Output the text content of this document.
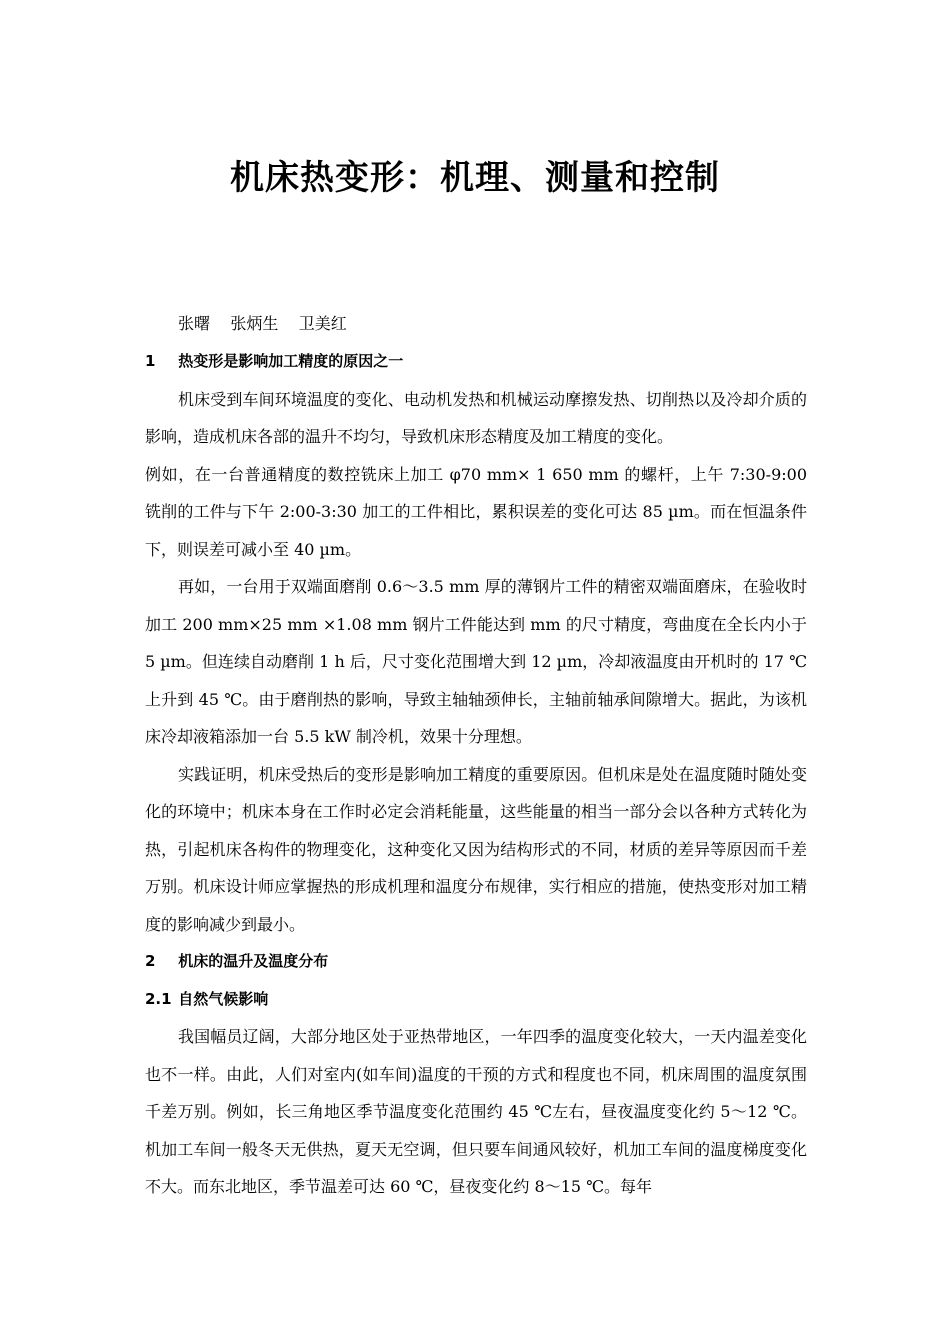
机床热变形：机理、测量和控制
张曙    张炳生    卫美红
1 热变形是影响加工精度的原因之一

机床受到车间环境温度的变化、电动机发热和机械运动摩擦发热、切削热以及冷却介质的影响，造成机床各部的温升不均匀，导致机床形态精度及加工精度的变化。

例如，在一台普通精度的数控铣床上加工 φ70 mm× 1 650 mm 的螺杆，上午 7:30-9:00 铣削的工件与下午 2:00-3:30 加工的工件相比，累积误差的变化可达 85 µm。而在恒温条件下，则误差可减小至 40 µm。

再如，一台用于双端面磨削 0.6～3.5 mm 厚的薄钢片工件的精密双端面磨床，在验收时加工 200 mm×25 mm ×1.08 mm 钢片工件能达到 mm 的尺寸精度，弯曲度在全长内小于 5 µm。但连续自动磨削 1 h 后，尺寸变化范围增大到 12 µm，冷却液温度由开机时的 17 ℃上升到 45 ℃。由于磨削热的影响，导致主轴轴颈伸长，主轴前轴承间隙增大。据此，为该机床冷却液箱添加一台 5.5 kW 制冷机，效果十分理想。

实践证明，机床受热后的变形是影响加工精度的重要原因。但机床是处在温度随时随处变化的环境中；机床本身在工作时必定会消耗能量，这些能量的相当一部分会以各种方式转化为热，引起机床各构件的物理变化，这种变化又因为结构形式的不同，材质的差异等原因而千差万别。机床设计师应掌握热的形成机理和温度分布规律，实行相应的措施，使热变形对加工精度的影响减少到最小。

2 机床的温升及温度分布
2.1 自然气候影响

我国幅员辽阔，大部分地区处于亚热带地区，一年四季的温度变化较大，一天内温差变化也不一样。由此，人们对室内(如车间)温度的干预的方式和程度也不同，机床周围的温度氛围千差万别。例如，长三角地区季节温度变化范围约 45 ℃左右，昼夜温度变化约 5～12 ℃。机加工车间一般冬天无供热，夏天无空调，但只要车间通风较好，机加工车间的温度梯度变化不大。而东北地区，季节温差可达 60 ℃，昼夜变化约 8～15 ℃。每年
